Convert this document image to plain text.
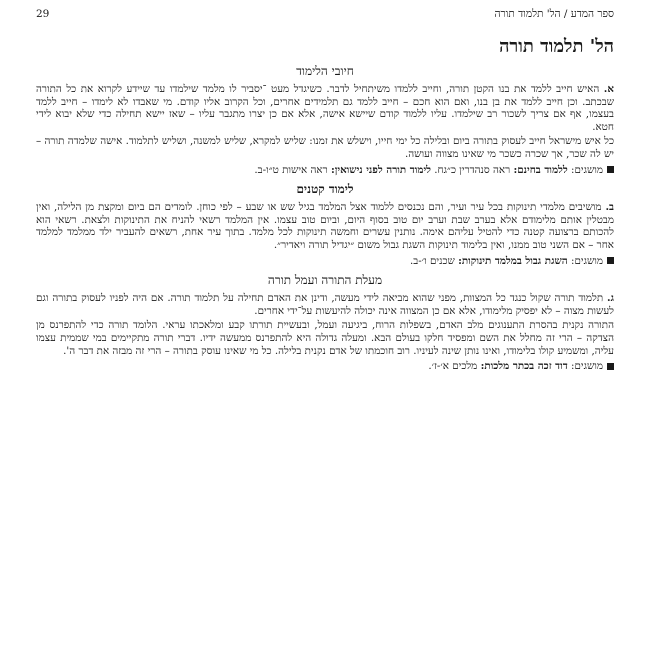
ספר המדע / הל' תלמוד תורה
29
הל' תלמוד תורה
חיובי הלימוד

א. האיש חייב ללמד את בנו הקטן תורה, וחייב ללמדו משיתחיל לדבר. כשיגדל מעט ־יסביר לו מלמד שילמדו עד שיידע לקרוא את כל התורה שבכתב. וכן חייב ללמד את בן בנו, ואם הוא חכם – חייב ללמד גם תלמידים אחרים, וכל הקרוב אליו קודם. מי שאבדו לא לימדו – חייב ללמד בעצמו, אף אם צריך לשכור רב שילמדו. עליו ללמוד קודם שיישא אישה, אלא אם כן יצרו מתגבר עליו – שאז יישא תחילה כדי שלא יבוא לידי חטא.

כל איש מישראל חייב לעסוק בתורה ביום ובלילה כל ימי חייו, וישלש את זמנו: שליש למקרא, שליש למשנה, ושליש לתלמוד. אישה שלמדה תורה – יש לה שכר, אך שכרה כשכר מי שאינו מצווה ועושה.

מושגים: ללמוד בחינם: ראה סנהדרין כ״גח. לימוד תורה לפני נישואין: ראה אישות ט״ו-ב.
לימוד קטנים

ב. מושיבים מלמדי תינוקות בכל עיר ועיר, והם נכנסים ללמוד אצל המלמד בגיל שש או שבע – לפי כוחן. לומדים הם ביום ומקצת מן הלילה, ואין מבטלין אותם מלימודם אלא בערב שבת וערב יום טוב בסוף היום, וביום טוב עצמו. אין המלמד רשאי להניח את התינוקות ולצאת. רשאי הוא להכותם ברצועה קטנה כדי להטיל עליהם אימה. נותנין עשרים וחמשה תינוקות לכל מלמד. בתוך עיר אחת, רשאים להעביר ילד ממלמד למלמד אחר – אם השני טוב ממנו, ואין בלימוד תינוקות השגת גבול משום ״יגדיל תורה ויאדיר״.

מושגים: השגת גבול במלמד תינוקות: שכנים ו׳-ב.
מעלת התורה ועמל תורה

ג. תלמוד תורה שקול כנגד כל המצוות, מפני שהוא מביאה לידי מעשה, ודינן את האדם תחילה על תלמוד תורה. אם היה לפניו לעסוק בתורה וגם לעשות מצוה – לא יפסיק מלימודו, אלא אם כן המצווה אינה יכולה להיעשות על־ידי אחרים.

התורה נקנית בהסרת התענוגים מלב האדם, בשפלות הרוח, ביגיעה ועמל, ובעשיית תורתו קבע ומלאכתו עראי. הלומד תורה כדי להתפרנס מן הצדקה – הרי זה מחלל את השם ומפסיד חלקו בעולם הבא. ומעלה גדולה היא להתפרנס ממעשה ידיו. דברי תורה מתקיימים במי שממית עצמו עליה, ומשמיע קולו בלימודו, ואינו נותן שינה לעיניו. רוב חוכמתו של אדם נקנית בלילה. כל מי שאינו עוסק בתורה – הרי זה מבזה את דבר ה'.

מושגים: דוד זכה בכתר מלכות: מלכים א׳-ז׳.
